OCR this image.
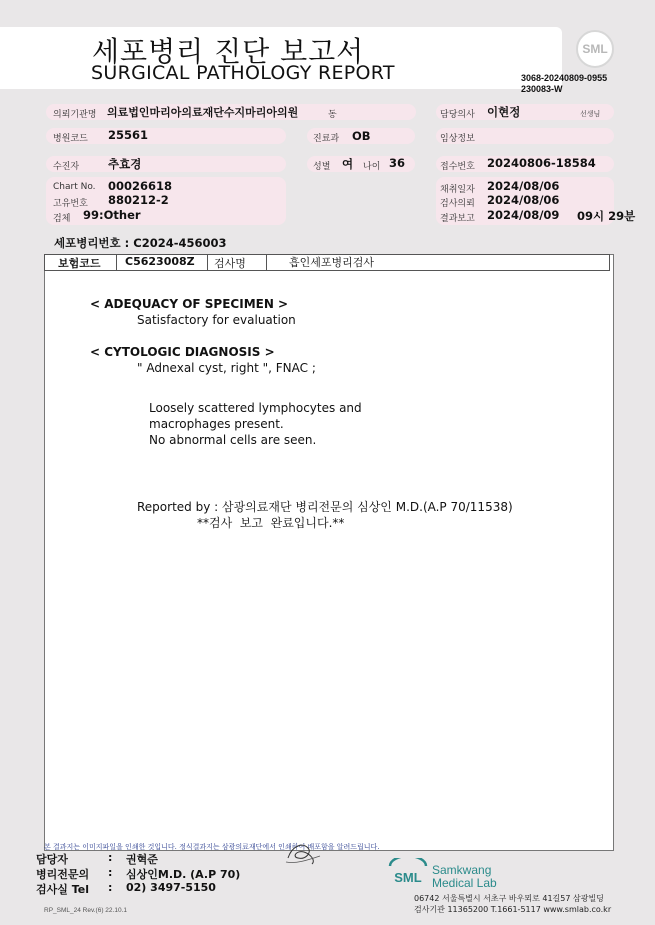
세포병리 진단 보고서
SURGICAL PATHOLOGY REPORT
SML
3068-20240809-0955
230083-W
의뢰기관명 의료법인마리아의료재단수지마리아의원	동	담당의사 이현정	선생님
병원코드 25561	진료과 OB	임상정보
수진자	추효경	성별 여 나이 36	접수번호 20240806-18584
Chart No. 00026618
고유번호 880212-2
검체 99:Other
채취일자 2024/08/06
검사의뢰 2024/08/06
결과보고 2024/08/09 09시 29분
세포병리번호 : C2024-456003
보험코드 C5623008Z 검사명	흡인세포병리검사
< ADEQUACY OF SPECIMEN >
Satisfactory for evaluation
< CYTOLOGIC DIAGNOSIS >
" Adnexal cyst, right ", FNAC ;
Loosely scattered lymphocytes and
macrophages present.
No abnormal cells are seen.
Reported by : 삼광의료재단 병리전문의 심상인 M.D.(A.P 70/11538)
**검사  보고  완료입니다.**
본 결과지는 이미지파일을 인쇄한 것입니다. 정식결과지는 삼광의료재단에서 인쇄하여 배포함을 알려드립니다.
담당자	: 권혁준
병리전문의 : 심상인M.D. (A.P 70)
검사실 Tel : 02) 3497-5150
SML Samkwang
Medical Lab
06742 서울특별시 서초구 바우뫼로 41길57 삼광빌딩
검사기관 11365200 T.1661-5117 www.smlab.co.kr
RP_SML_24 Rev.(6) 22.10.1
